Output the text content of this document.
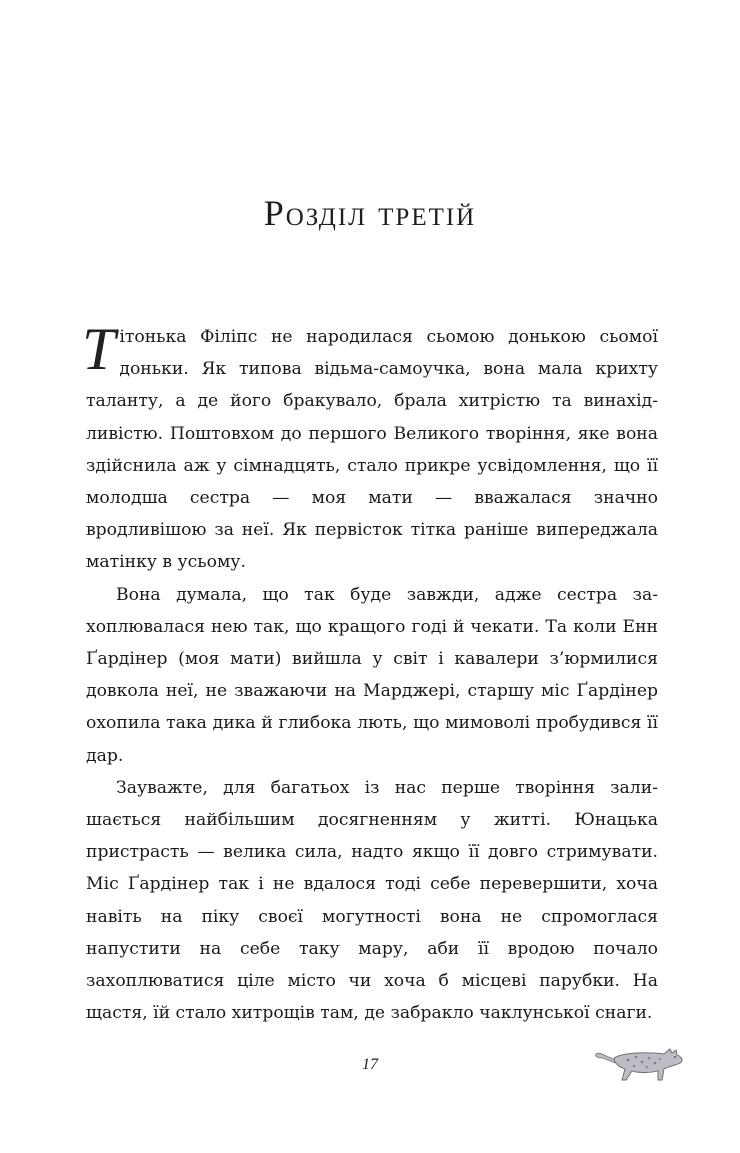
Розділ третій

Тітонька Філіпс не народилася сьомою донькою сьомої доньки. Як типова відьма-самоучка, вона мала крихту таланту, а де його бракувало, брала хитрістю та винахідливістю. Поштовхом до першого Великого творіння, яке вона здійснила аж у сімнадцять, стало прикре усвідомлення, що її молодша сестра — моя мати — вважалася значно вродливішою за неї. Як первісток тітка раніше випереджала матінку в усьому.

Вона думала, що так буде завжди, адже сестра захоплювалася нею так, що кращого годі й чекати. Та коли Енн Ґардінер (моя мати) вийшла у світ і кавалери з’юрмилися довкола неї, не зважаючи на Марджері, старшу міс Ґардінер охопила така дика й глибока лють, що мимоволі пробудився її дар.

Зауважте, для багатьох із нас перше творіння залишається найбільшим досягненням у житті. Юнацька пристрасть — велика сила, надто якщо її довго стримувати. Міс Ґардінер так і не вдалося тоді себе перевершити, хоча навіть на піку своєї могутності вона не спромоглася напустити на себе таку мару, аби її вродою почало захоплюватися ціле місто чи хоча б місцеві парубки. На щастя, їй стало хитрощів там, де забракло чаклунської снаги.

17
